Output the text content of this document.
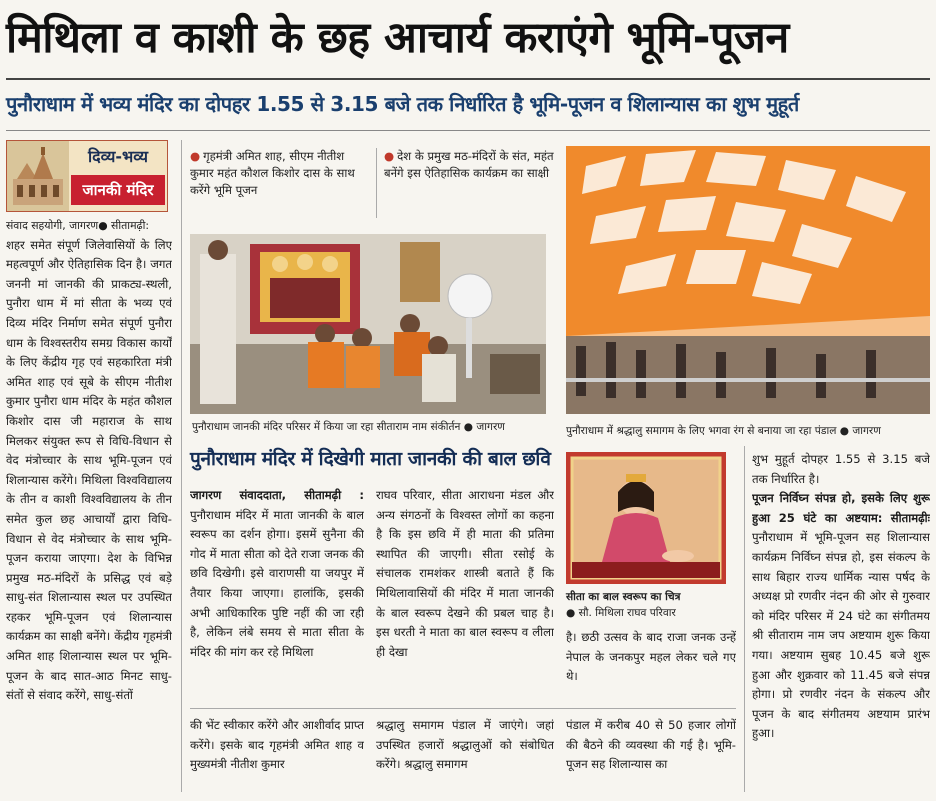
मिथिला व काशी के छह आचार्य कराएंगे भूमि-पूजन
पुनौराधाम में भव्य मंदिर का दोपहर 1.55 से 3.15 बजे तक निर्धारित है भूमि-पूजन व शिलान्यास का शुभ मुहूर्त
दिव्य-भव्य
जानकी मंदिर

संवाद सहयोगी, जागरण● सीतामढ़ी:

शहर समेत संपूर्ण जिलेवासियों के लिए महत्वपूर्ण और ऐतिहासिक दिन है। जगत जननी मां जानकी की प्राकट्य-स्थली, पुनौरा धाम में मां सीता के भव्य एवं दिव्य मंदिर निर्माण समेत संपूर्ण पुनौरा धाम के विश्वस्तरीय समग्र विकास कार्यों के लिए केंद्रीय गृह एवं सहकारिता मंत्री अमित शाह एवं सूबे के सीएम नीतीश कुमार पुनौरा धाम मंदिर के महंत कौशल किशोर दास जी महाराज के साथ मिलकर संयुक्त रूप से विधि-विधान से वेद मंत्रोच्चार के साथ भूमि-पूजन एवं शिलान्यास करेंगे। मिथिला विश्वविद्यालय के तीन व काशी विश्वविद्यालय के तीन समेत कुल छह आचार्यों द्वारा विधि-विधान से वेद मंत्रोच्चार के साथ भूमि-पूजन कराया जाएगा। देश के विभिन्न प्रमुख मठ-मंदिरों के प्रसिद्ध एवं बड़े साधु-संत शिलान्यास स्थल पर उपस्थित रहकर भूमि-पूजन एवं शिलान्यास कार्यक्रम का साक्षी बनेंगे। केंद्रीय गृहमंत्री अमित शाह शिलान्यास स्थल पर भूमि-पूजन के बाद सात-आठ मिनट साधु-संतों से संवाद करेंगे, साधु-संतों

● गृहमंत्री अमित शाह, सीएम नीतीश कुमार महंत कौशल किशोर दास के साथ करेंगे भूमि पूजन
● देश के प्रमुख मठ-मंदिरों के संत, महंत बनेंगे इस ऐतिहासिक कार्यक्रम का साक्षी
पुनौराधाम जानकी मंदिर परिसर में किया जा रहा सीताराम नाम संकीर्तन ● जागरण	पुनौराधाम में श्रद्धालु समागम के लिए भगवा रंग से बनाया जा रहा पंडाल ● जागरण
पुनौराधाम मंदिर में दिखेगी माता जानकी की बाल छवि

जागरण संवाददाता, सीतामढ़ी : पुनौराधाम मंदिर में माता जानकी के बाल स्वरूप का दर्शन होगा। इसमें सुनैना की गोद में माता सीता को देते राजा जनक की छवि दिखेगी। इसे वाराणसी या जयपुर में तैयार किया जाएगा। हालांकि, इसकी अभी आधिकारिक पुष्टि नहीं की जा रही है, लेकिन लंबे समय से माता सीता के मंदिर की मांग कर रहे मिथिला

राघव परिवार, सीता आराधना मंडल और अन्य संगठनों के विश्वस्त लोगों का कहना है कि इस छवि में ही माता की प्रतिमा स्थापित की जाएगी। सीता रसोई के संचालक रामशंकर शास्त्री बताते हैं कि मिथिलावासियों की मंदिर में माता जानकी के बाल स्वरूप देखने की प्रबल चाह है। इस धरती ने माता का बाल स्वरूप व लीला ही देखा

सीता का बाल स्वरूप का चित्र
● सौ. मिथिला राघव परिवार

है। छठी उत्सव के बाद राजा जनक उन्हें नेपाल के जनकपुर महल लेकर चले गए थे।

शुभ मुहूर्त दोपहर 1.55 से 3.15 बजे तक निर्धारित है।

पूजन निर्विघ्न संपन्न हो, इसके लिए शुरू हुआ 25 घंटे का अष्टयाम: सीतामढ़ीः पुनौराधाम में भूमि-पूजन सह शिलान्यास कार्यक्रम निर्विघ्न संपन्न हो, इस संकल्प के साथ बिहार राज्य धार्मिक न्यास पर्षद के अध्यक्ष प्रो रणवीर नंदन की ओर से गुरुवार को मंदिर परिसर में 24 घंटे का संगीतमय श्री सीताराम नाम जप अष्टयाम शुरू किया गया। अष्टयाम सुबह 10.45 बजे शुरू हुआ और शुक्रवार को 11.45 बजे संपन्न होगा। प्रो रणवीर नंदन के संकल्प और पूजन के बाद संगीतमय अष्टयाम प्रारंभ हुआ।

की भेंट स्वीकार करेंगे और आशीर्वाद प्राप्त करेंगे। इसके बाद गृहमंत्री अमित शाह व मुख्यमंत्री नीतीश कुमार

श्रद्धालु समागम पंडाल में जाएंगे। जहां उपस्थित हजारों श्रद्धालुओं को संबोधित करेंगे। श्रद्धालु समागम

पंडाल में करीब 40 से 50 हजार लोगों की बैठने की व्यवस्था की गई है। भूमि-पूजन सह शिलान्यास का
